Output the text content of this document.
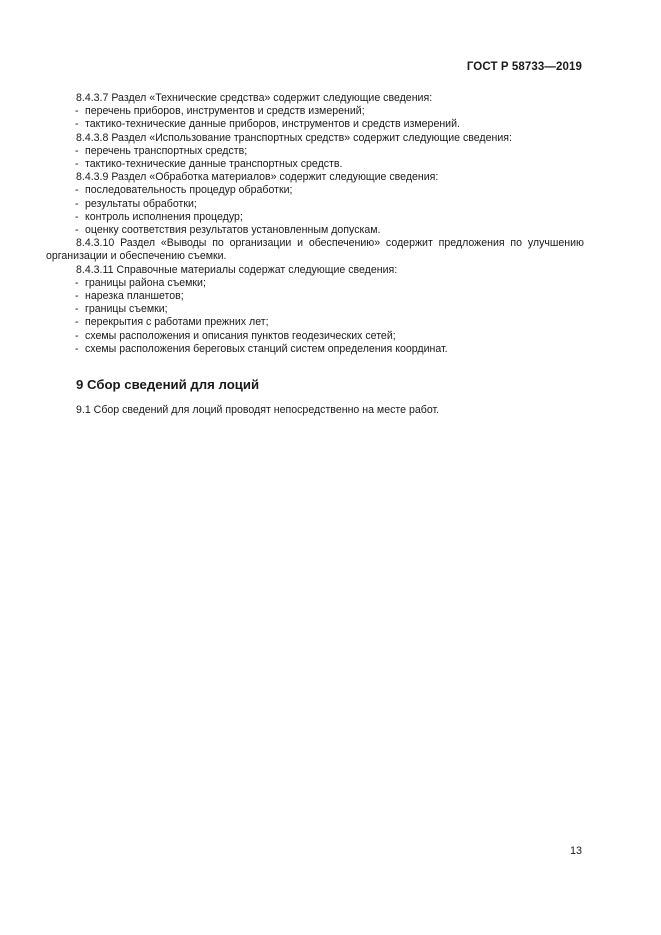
ГОСТ Р 58733—2019
8.4.3.7 Раздел «Технические средства» содержит следующие сведения:
- перечень приборов, инструментов и средств измерений;
- тактико-технические данные приборов, инструментов и средств измерений.
8.4.3.8 Раздел «Использование транспортных средств» содержит следующие сведения:
- перечень транспортных средств;
- тактико-технические данные транспортных средств.
8.4.3.9 Раздел «Обработка материалов» содержит следующие сведения:
- последовательность процедур обработки;
- результаты обработки;
- контроль исполнения процедур;
- оценку соответствия результатов установленным допускам.
8.4.3.10 Раздел «Выводы по организации и обеспечению» содержит предложения по улучшению организации и обеспечению съемки.
8.4.3.11 Справочные материалы содержат следующие сведения:
- границы района съемки;
- нарезка планшетов;
- границы съемки;
- перекрытия с работами прежних лет;
- схемы расположения и описания пунктов геодезических сетей;
- схемы расположения береговых станций систем определения координат.
9 Сбор сведений для лоций
9.1 Сбор сведений для лоций проводят непосредственно на месте работ.
13
